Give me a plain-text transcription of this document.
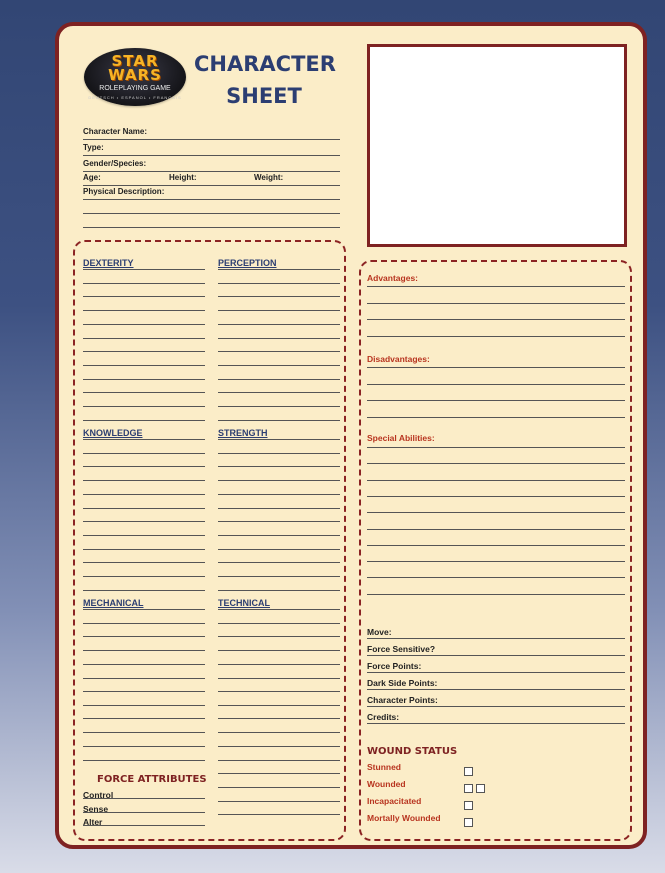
STAR
WARS
ROLEPLAYING GAME
DEUTSCH • ESPANOL • FRANCAIS
CHARACTER
SHEET
Character Name:
Type:
Gender/Species:
Age:	Height:	Weight:
Physical Description:
DEXTERITY	PERCEPTION
KNOWLEDGE	STRENGTH
MECHANICAL	TECHNICAL
FORCE ATTRIBUTES
Control
Sense
Alter
Advantages:
Disadvantages:
Special Abilities:
Move:
Force Sensitive?
Force Points:
Dark Side Points:
Character Points:
Credits:
WOUND STATUS
Stunned
Wounded
Incapacitated
Mortally Wounded
